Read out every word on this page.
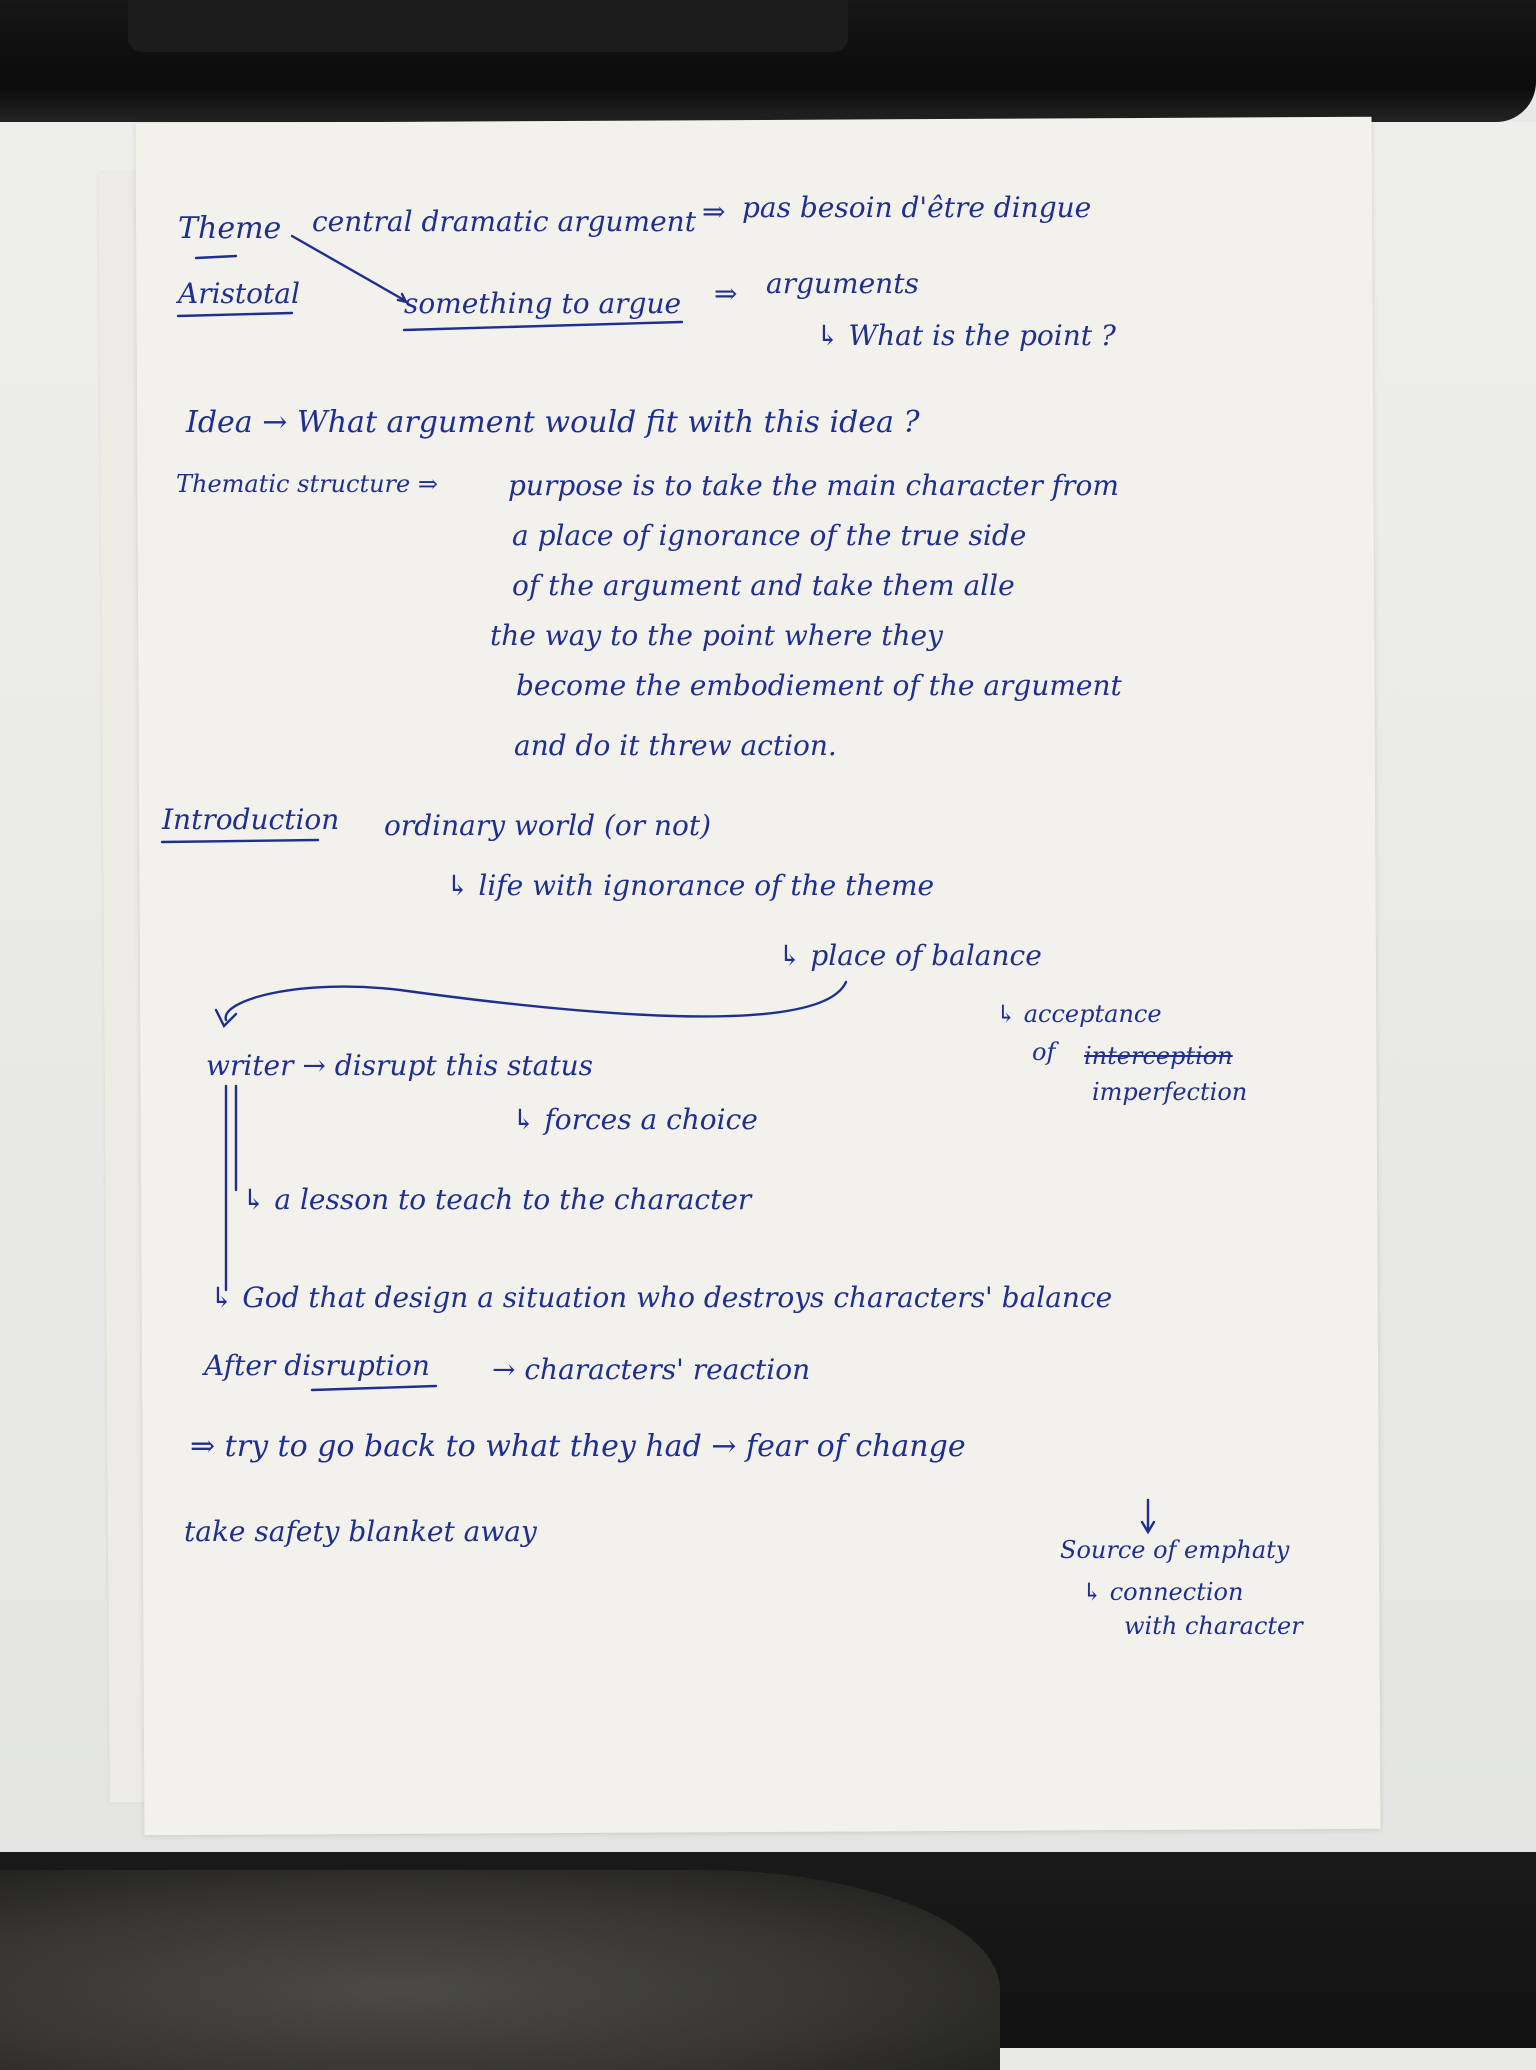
Theme central dramatic argument ⇒ pas besoin d'être dingue
Aristotal	something to argue ⇒ arguments
↳ What is the point ?
Idea → What argument would fit with this idea ?
Thematic structure ⇒	purpose is to take the main character from
a place of ignorance of the true side
of the argument and take them alle
the way to the point where they
become the embodiement of the argument
and do it threw action.
Introduction ordinary world (or not)
↳ life with ignorance of the theme
↳ place of balance
↳ acceptance
of interception
imperfection
writer → disrupt this status
↳ forces a choice
↳ a lesson to teach to the character
↳ God that design a situation who destroys characters' balance
After disruption → characters' reaction
⇒ try to go back to what they had → fear of change
take safety blanket away
Source of emphaty
↳ connection
with character
